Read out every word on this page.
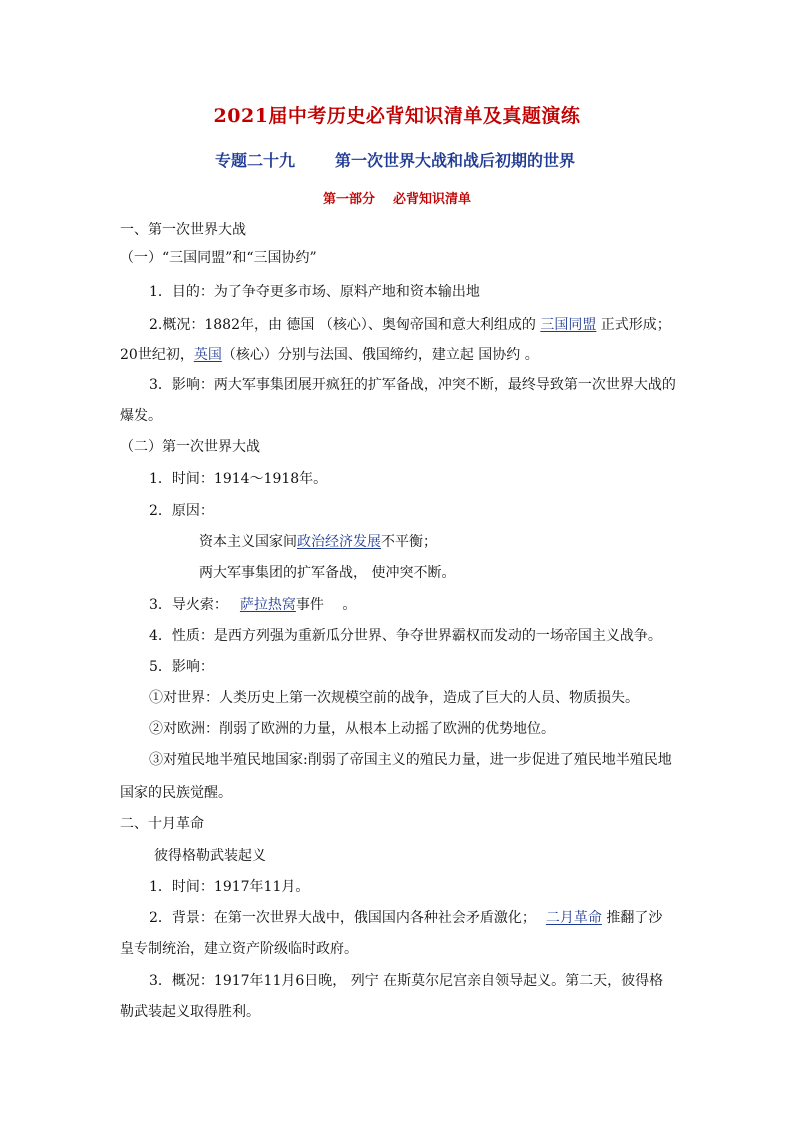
2021届中考历史必背知识清单及真题演练
专题二十九	第一次世界大战和战后初期的世界
第一部分 必背知识清单
一、第一次世界大战
（一）“三国同盟”和“三国协约”
1．目的：为了争夺更多市场、原料产地和资本输出地
2.概况：1882年，由 德国 （核心）、奥匈帝国和意大利组成的 三国同盟 正式形成；
20世纪初，英国（核心）分别与法国、俄国缔约，建立起 国协约 。
3．影响：两大军事集团展开疯狂的扩军备战，冲突不断，最终导致第一次世界大战的
爆发。
（二）第一次世界大战
1．时间：1914～1918年。
2．原因：
资本主义国家间政治经济发展不平衡；
两大军事集团的扩军备战， 使冲突不断。
3．导火索： 萨拉热窝事件　 。
4．性质：是西方列强为重新瓜分世界、争夺世界霸权而发动的一场帝国主义战争。
5．影响：
①对世界：人类历史上第一次规模空前的战争，造成了巨大的人员、物质损失。
②对欧洲：削弱了欧洲的力量，从根本上动摇了欧洲的优势地位。
③对殖民地半殖民地国家:削弱了帝国主义的殖民力量，进一步促进了殖民地半殖民地
国家的民族觉醒。
二、十月革命
彼得格勒武装起义
1．时间：1917年11月。
2．背景：在第一次世界大战中，俄国国内各种社会矛盾激化； 二月革命 推翻了沙
皇专制统治，建立资产阶级临时政府。
3．概况：1917年11月6日晚， 列宁 在斯莫尔尼宫亲自领导起义。第二天，彼得格
勒武装起义取得胜利。
